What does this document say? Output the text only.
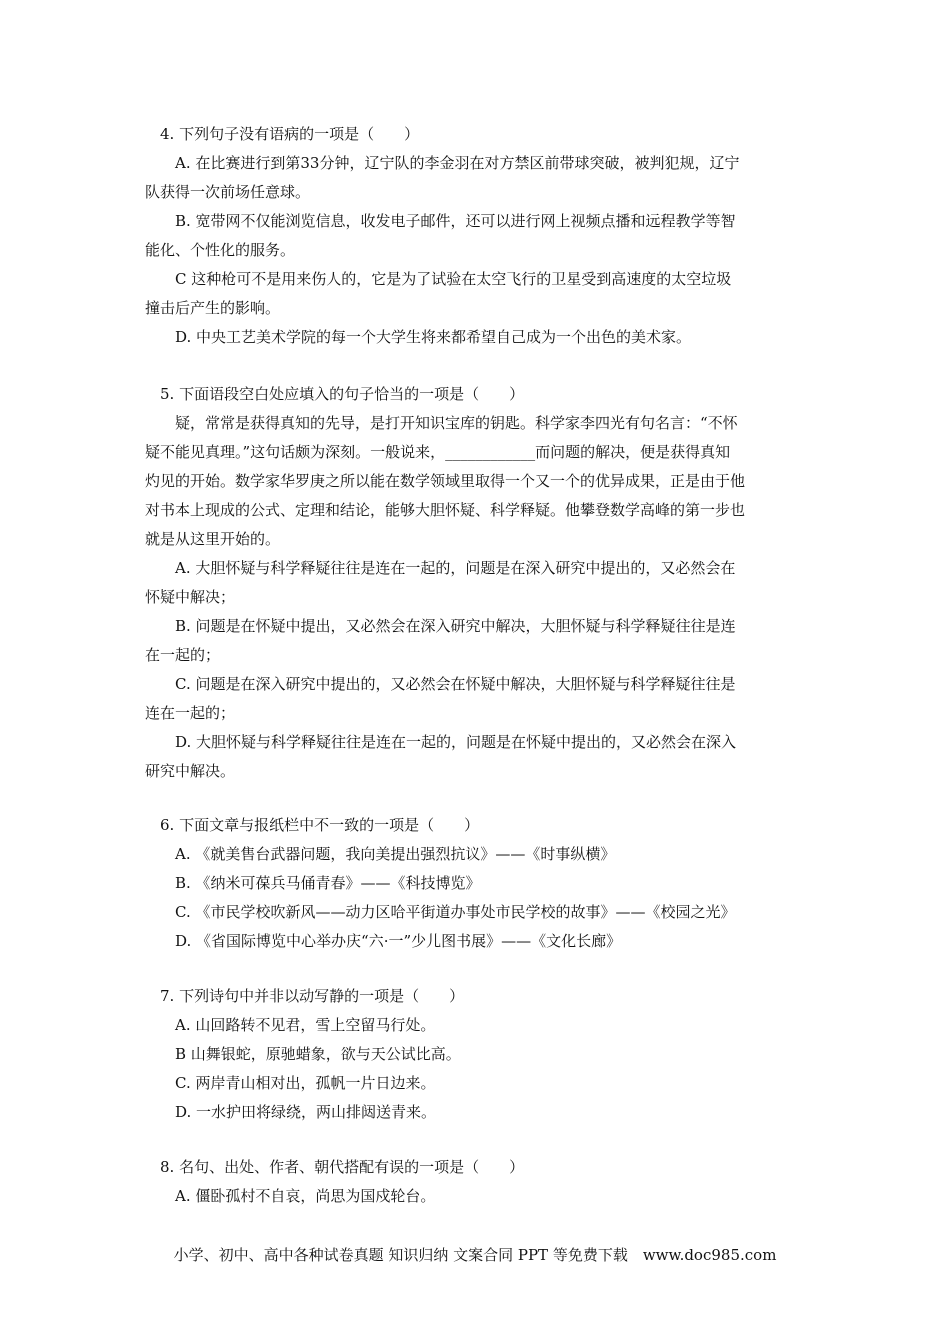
4. 下列句子没有语病的一项是（　　）
A. 在比赛进行到第33分钟，辽宁队的李金羽在对方禁区前带球突破，被判犯规，辽宁
队获得一次前场任意球。
B. 宽带网不仅能浏览信息，收发电子邮件，还可以进行网上视频点播和远程教学等智
能化、个性化的服务。
C 这种枪可不是用来伤人的，它是为了试验在太空飞行的卫星受到高速度的太空垃圾
撞击后产生的影响。
D. 中央工艺美术学院的每一个大学生将来都希望自己成为一个出色的美术家。
5. 下面语段空白处应填入的句子恰当的一项是（　　）
疑，常常是获得真知的先导，是打开知识宝库的钥匙。科学家李四光有句名言：“不怀
疑不能见真理。”这句话颇为深刻。一般说来，____________而问题的解决，便是获得真知
灼见的开始。数学家华罗庚之所以能在数学领域里取得一个又一个的优异成果，正是由于他
对书本上现成的公式、定理和结论，能够大胆怀疑、科学释疑。他攀登数学高峰的第一步也
就是从这里开始的。
A. 大胆怀疑与科学释疑往往是连在一起的，问题是在深入研究中提出的，又必然会在
怀疑中解决；
B. 问题是在怀疑中提出，又必然会在深入研究中解决，大胆怀疑与科学释疑往往是连
在一起的；
C. 问题是在深入研究中提出的，又必然会在怀疑中解决，大胆怀疑与科学释疑往往是
连在一起的；
D. 大胆怀疑与科学释疑往往是连在一起的，问题是在怀疑中提出的，又必然会在深入
研究中解决。
6. 下面文章与报纸栏中不一致的一项是（　　）
A. 《就美售台武器问题，我向美提出强烈抗议》——《时事纵横》
B. 《纳米可葆兵马俑青春》——《科技博览》
C. 《市民学校吹新风——动力区哈平街道办事处市民学校的故事》——《校园之光》
D. 《省国际博览中心举办庆“六·一”少儿图书展》——《文化长廊》
7. 下列诗句中并非以动写静的一项是（　　）
A. 山回路转不见君，雪上空留马行处。
B 山舞银蛇，原驰蜡象，欲与天公试比高。
C. 两岸青山相对出，孤帆一片日边来。
D. 一水护田将绿绕，两山排闼送青来。
8. 名句、出处、作者、朝代搭配有误的一项是（　　）
A. 僵卧孤村不自哀，尚思为国戍轮台。
小学、初中、高中各种试卷真题 知识归纳 文案合同 PPT 等免费下载　www.doc985.com
